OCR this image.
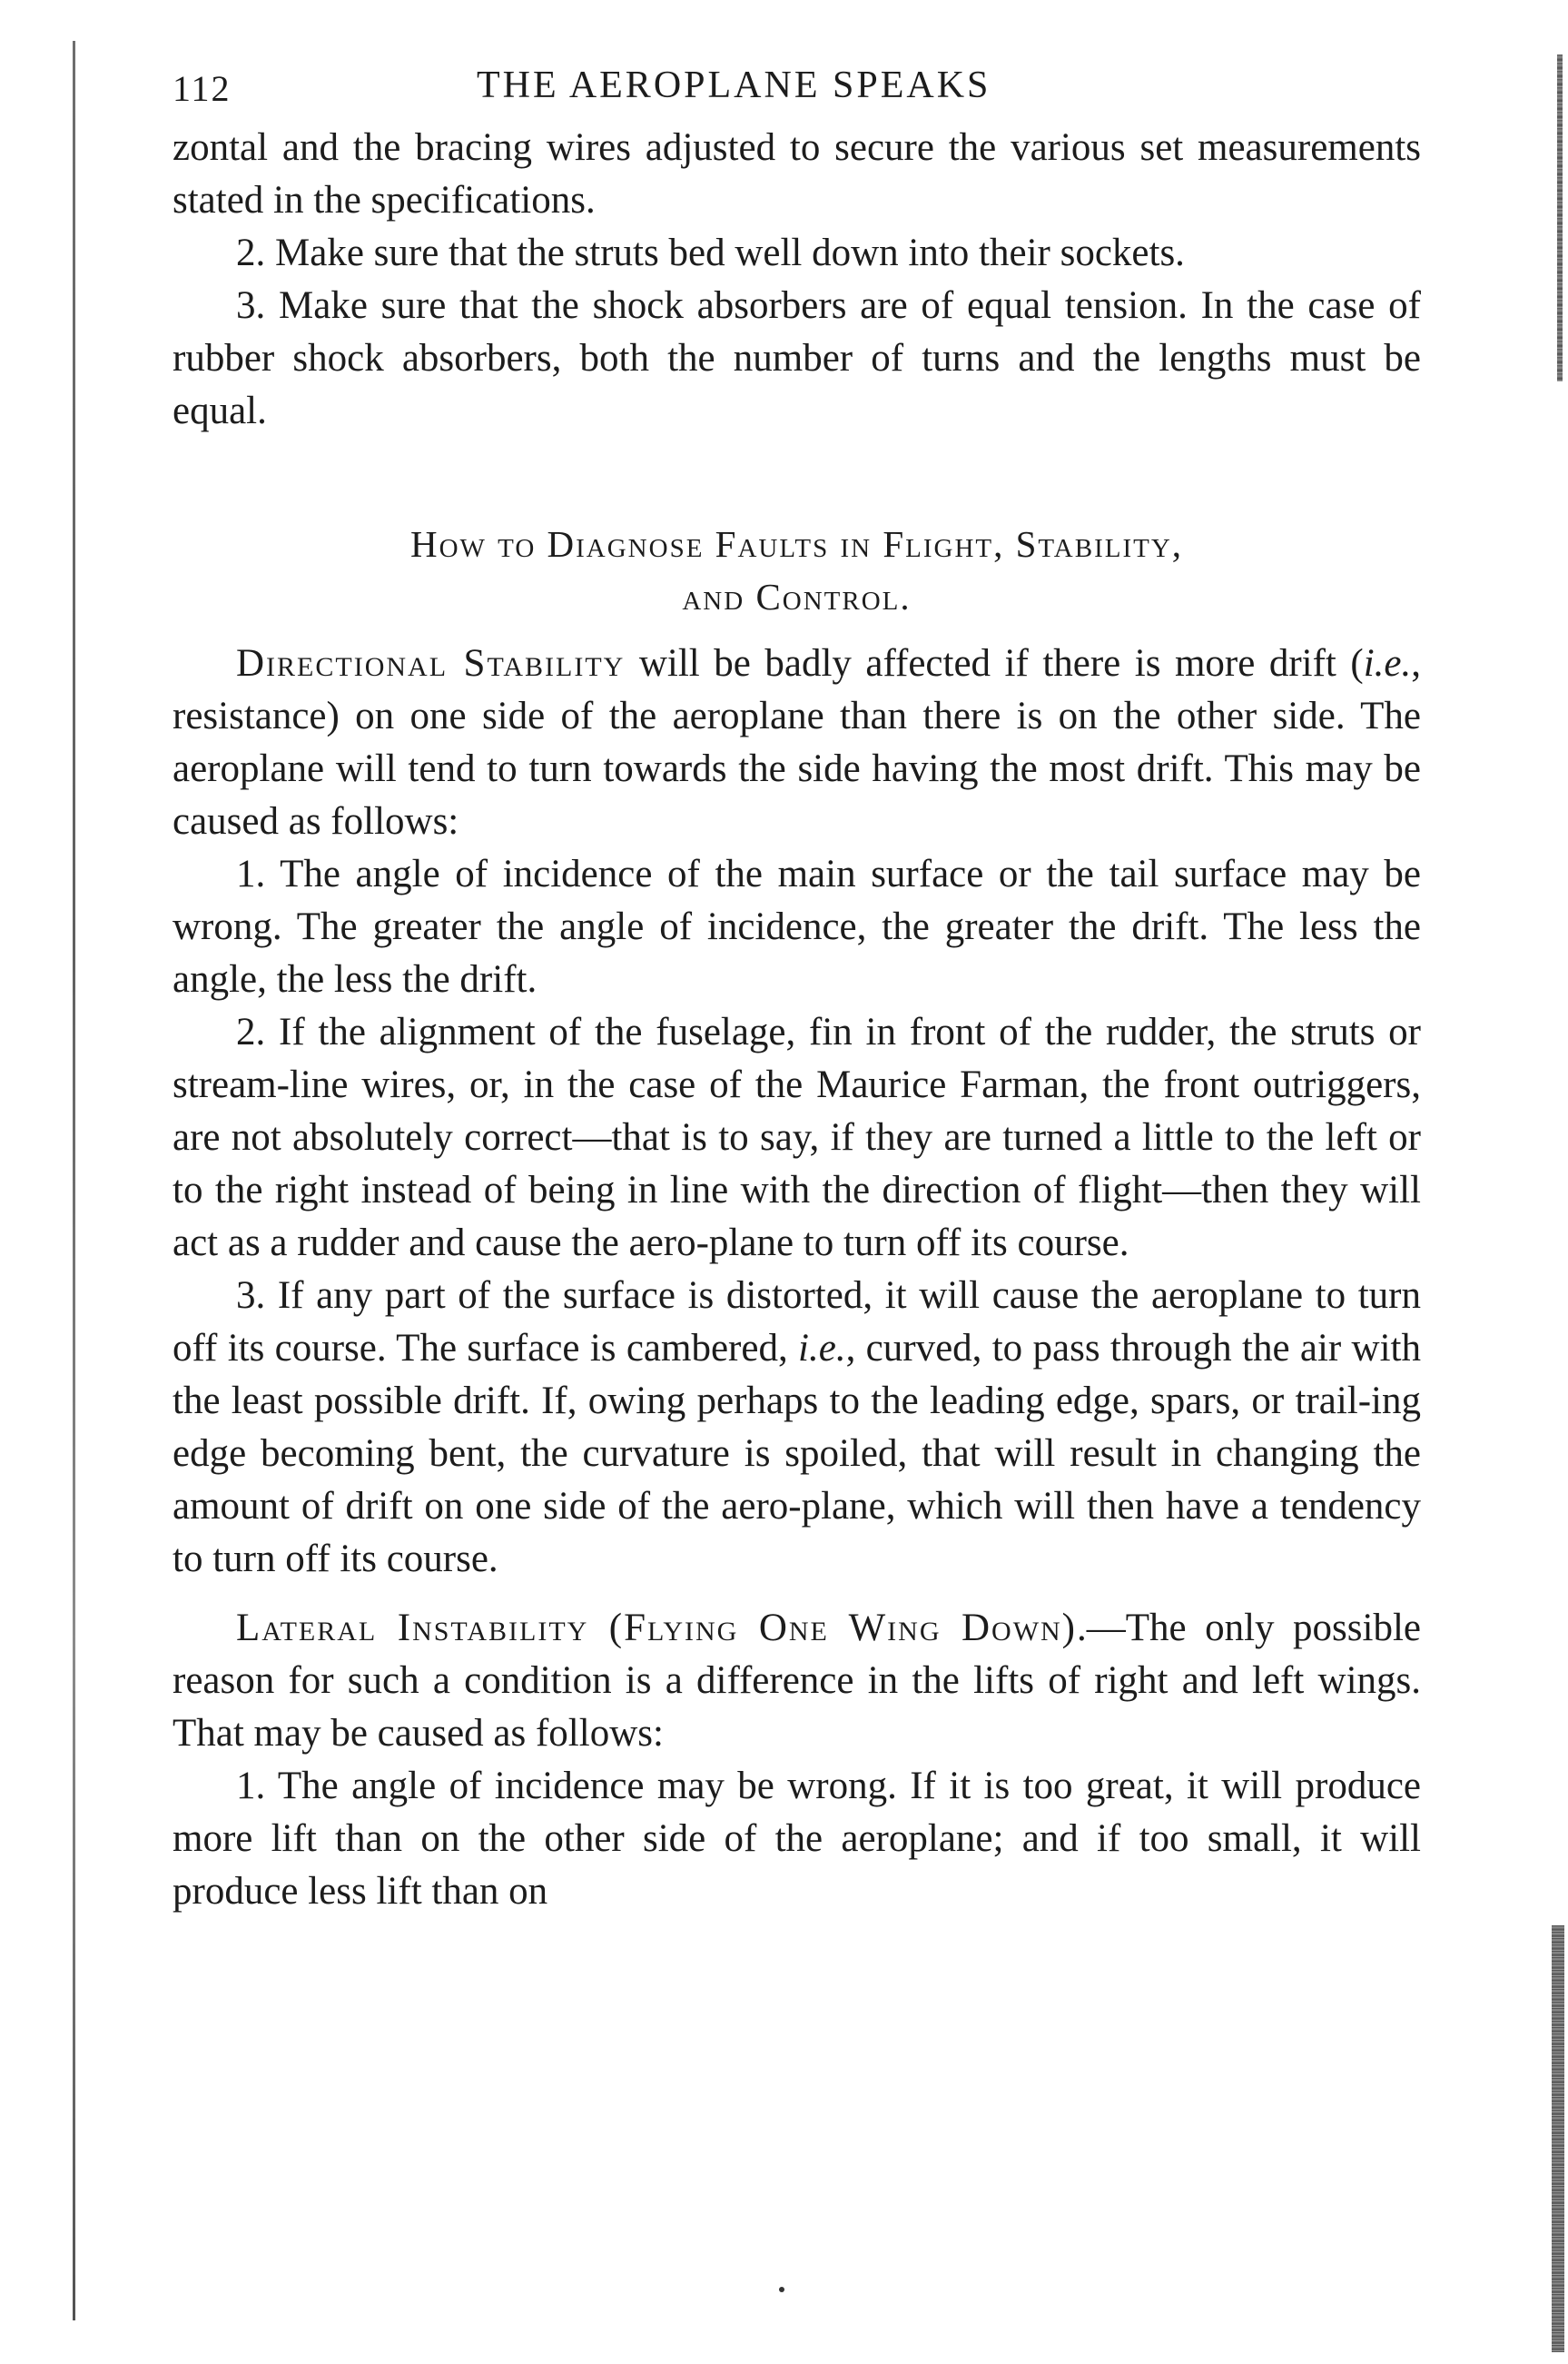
112	THE AEROPLANE SPEAKS

zontal and the bracing wires adjusted to secure the various set measurements stated in the specifications.

2. Make sure that the struts bed well down into their sockets.

3. Make sure that the shock absorbers are of equal tension. In the case of rubber shock absorbers, both the number of turns and the lengths must be equal.

How to Diagnose Faults in Flight, Stability,
and Control.

Directional Stability will be badly affected if there is more drift (i.e., resistance) on one side of the aeroplane than there is on the other side. The aeroplane will tend to turn towards the side having the most drift. This may be caused as follows:

1. The angle of incidence of the main surface or the tail surface may be wrong. The greater the angle of incidence, the greater the drift. The less the angle, the less the drift.

2. If the alignment of the fuselage, fin in front of the rudder, the struts or stream-line wires, or, in the case of the Maurice Farman, the front outriggers, are not absolutely correct—that is to say, if they are turned a little to the left or to the right instead of being in line with the direction of flight—then they will act as a rudder and cause the aero-plane to turn off its course.

3. If any part of the surface is distorted, it will cause the aeroplane to turn off its course. The surface is cambered, i.e., curved, to pass through the air with the least possible drift. If, owing perhaps to the leading edge, spars, or trail-ing edge becoming bent, the curvature is spoiled, that will result in changing the amount of drift on one side of the aero-plane, which will then have a tendency to turn off its course.

Lateral Instability (Flying One Wing Down).—The only possible reason for such a condition is a difference in the lifts of right and left wings. That may be caused as follows:

1. The angle of incidence may be wrong. If it is too great, it will produce more lift than on the other side of the aeroplane; and if too small, it will produce less lift than on
